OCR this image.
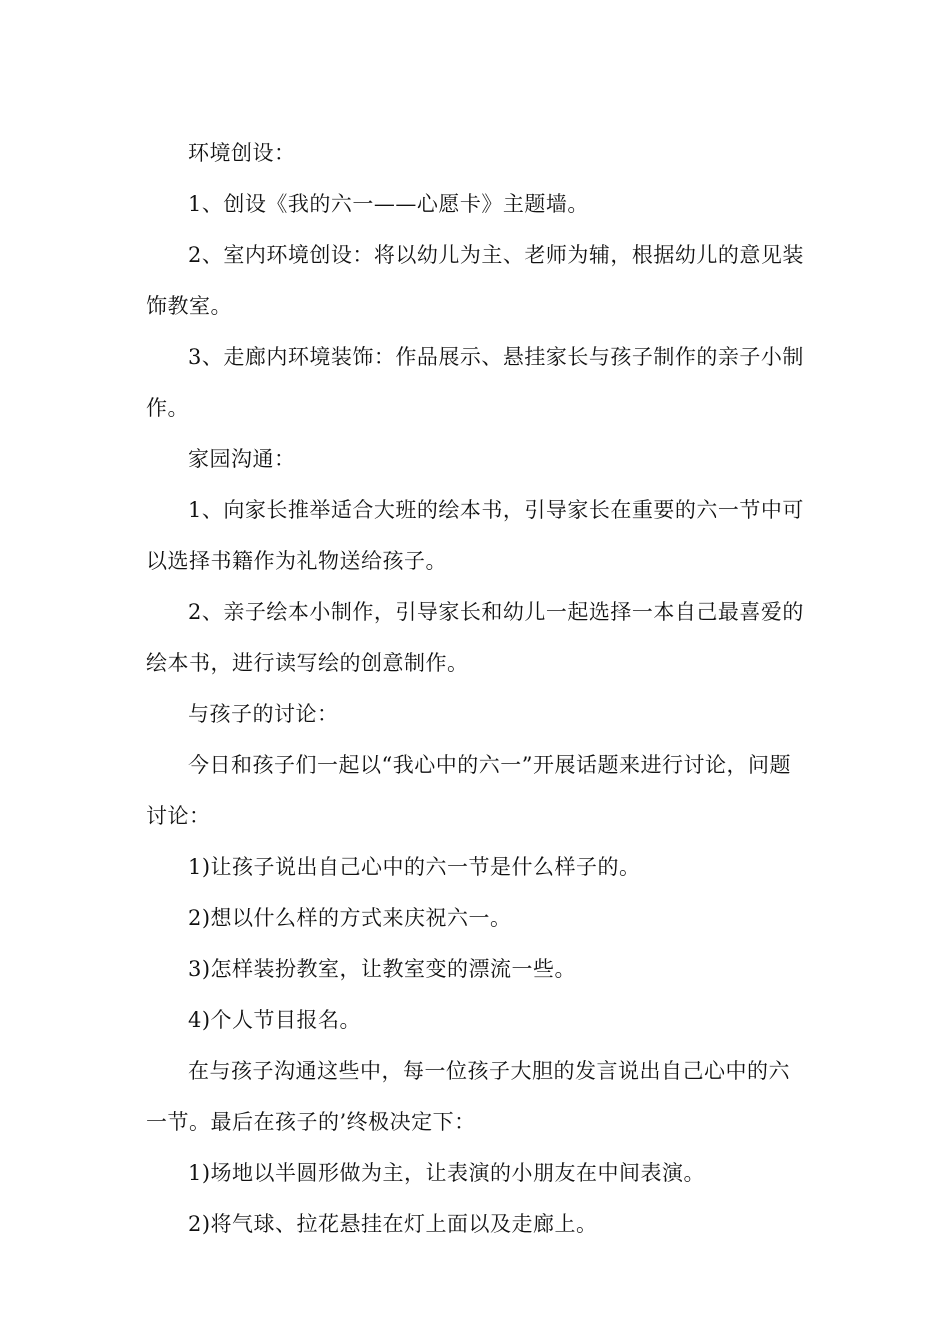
环境创设：

1、创设《我的六一——心愿卡》主题墙。

2、室内环境创设：将以幼儿为主、老师为辅，根据幼儿的意见装饰教室。

3、走廊内环境装饰：作品展示、悬挂家长与孩子制作的亲子小制作。

家园沟通：

1、向家长推举适合大班的绘本书，引导家长在重要的六一节中可以选择书籍作为礼物送给孩子。

2、亲子绘本小制作，引导家长和幼儿一起选择一本自己最喜爱的绘本书，进行读写绘的创意制作。

与孩子的讨论：

今日和孩子们一起以“我心中的六一”开展话题来进行讨论，问题讨论：

1)让孩子说出自己心中的六一节是什么样子的。

2)想以什么样的方式来庆祝六一。

3)怎样装扮教室，让教室变的漂流一些。

4)个人节目报名。

在与孩子沟通这些中，每一位孩子大胆的发言说出自己心中的六一节。最后在孩子的’终极决定下：

1)场地以半圆形做为主，让表演的小朋友在中间表演。

2)将气球、拉花悬挂在灯上面以及走廊上。
